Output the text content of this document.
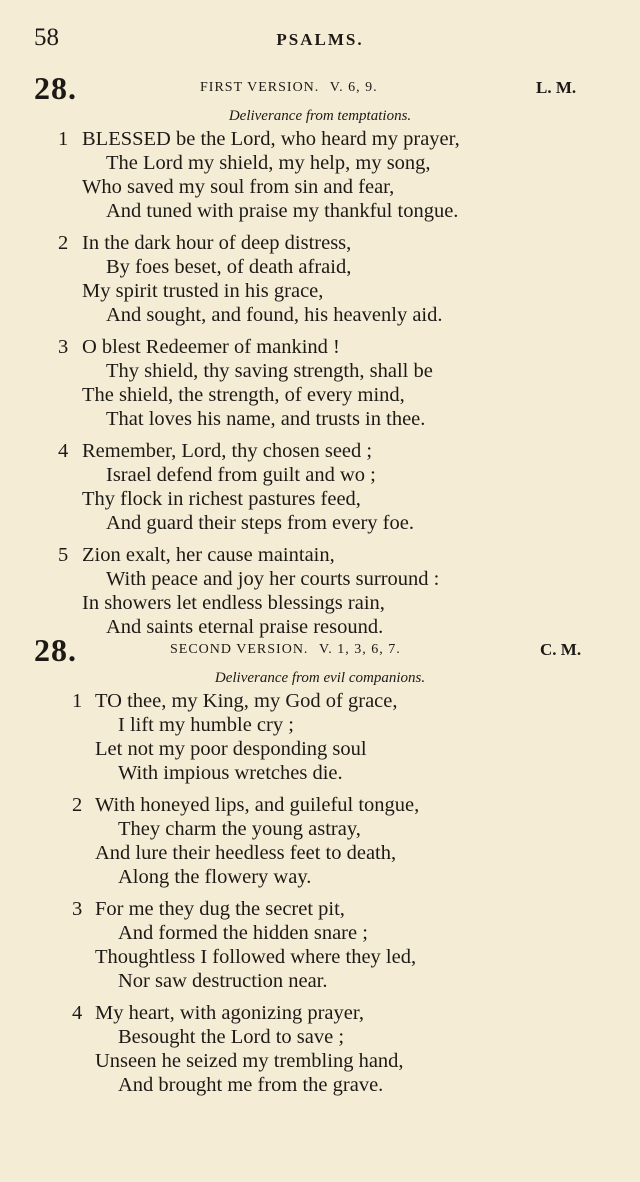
58	PSALMS.
28.	FIRST VERSION. V. 6, 9.	L. M.
Deliverance from temptations.
1 BLESSED be the Lord, who heard my prayer,
The Lord my shield, my help, my song,
Who saved my soul from sin and fear,
And tuned with praise my thankful tongue.
2 In the dark hour of deep distress,
By foes beset, of death afraid,
My spirit trusted in his grace,
And sought, and found, his heavenly aid.
3 O blest Redeemer of mankind !
Thy shield, thy saving strength, shall be
The shield, the strength, of every mind,
That loves his name, and trusts in thee.
4 Remember, Lord, thy chosen seed ;
Israel defend from guilt and wo ;
Thy flock in richest pastures feed,
And guard their steps from every foe.
5 Zion exalt, her cause maintain,
With peace and joy her courts surround :
In showers let endless blessings rain,
And saints eternal praise resound.
28.	SECOND VERSION. V. 1, 3, 6, 7.	C. M.
Deliverance from evil companions.
1 TO thee, my King, my God of grace,
I lift my humble cry ;
Let not my poor desponding soul
With impious wretches die.
2 With honeyed lips, and guileful tongue,
They charm the young astray,
And lure their heedless feet to death,
Along the flowery way.
3 For me they dug the secret pit,
And formed the hidden snare ;
Thoughtless I followed where they led,
Nor saw destruction near.
4 My heart, with agonizing prayer,
Besought the Lord to save ;
Unseen he seized my trembling hand,
And brought me from the grave.
